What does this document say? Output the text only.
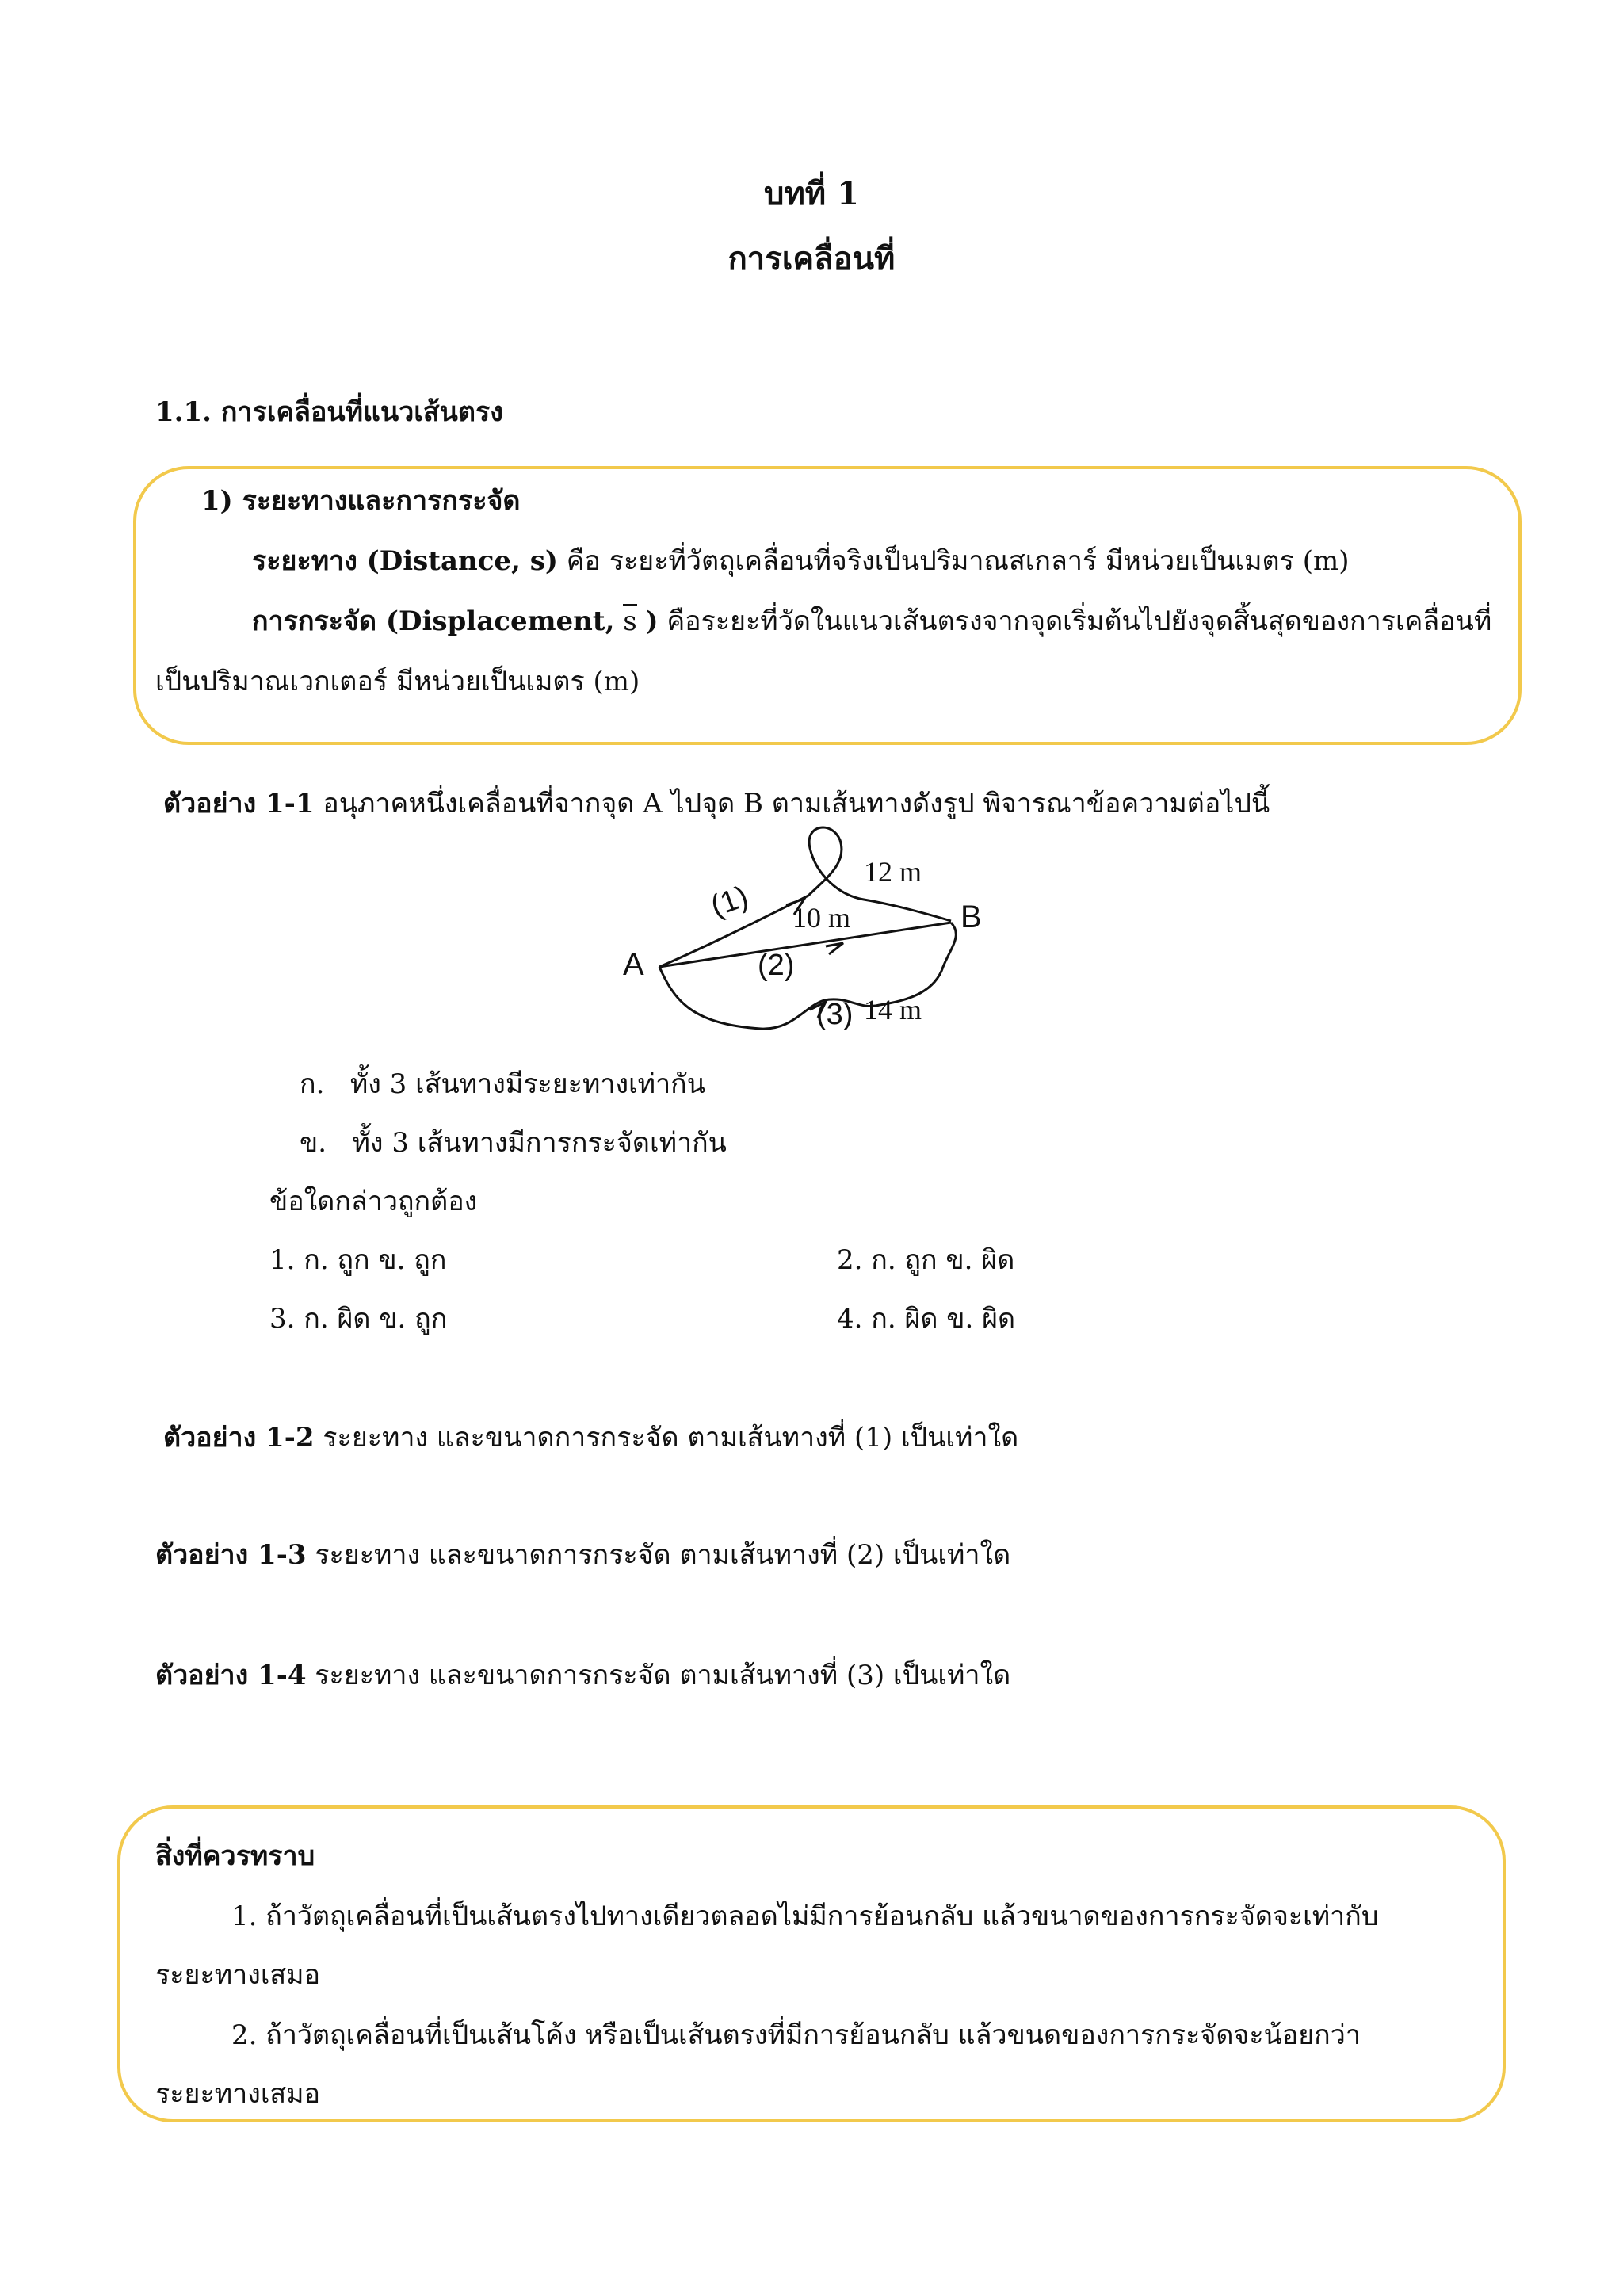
บทที่ 1
การเคลื่อนที่
1.1. การเคลื่อนที่แนวเส้นตรง
1) ระยะทางและการกระจัด
ระยะทาง (Distance, s) คือ ระยะที่วัตถุเคลื่อนที่จริงเป็นปริมาณสเกลาร์ มีหน่วยเป็นเมตร (m)
การกระจัด (Displacement, s ) คือระยะที่วัดในแนวเส้นตรงจากจุดเริ่มต้นไปยังจุดสิ้นสุดของการเคลื่อนที่
เป็นปริมาณเวกเตอร์ มีหน่วยเป็นเมตร (m)
ตัวอย่าง 1-1 อนุภาคหนึ่งเคลื่อนที่จากจุด A ไปจุด B ตามเส้นทางดังรูป พิจารณาข้อความต่อไปนี้
A
B
(1)
(2)
(3)
12 m
10 m
14 m
ก. ทั้ง 3 เส้นทางมีระยะทางเท่ากัน
ข. ทั้ง 3 เส้นทางมีการกระจัดเท่ากัน
ข้อใดกล่าวถูกต้อง
1. ก. ถูก ข. ถูก	2. ก. ถูก ข. ผิด
3. ก. ผิด ข. ถูก	4. ก. ผิด ข. ผิด
ตัวอย่าง 1-2 ระยะทาง และขนาดการกระจัด ตามเส้นทางที่ (1) เป็นเท่าใด
ตัวอย่าง 1-3 ระยะทาง และขนาดการกระจัด ตามเส้นทางที่ (2) เป็นเท่าใด
ตัวอย่าง 1-4 ระยะทาง และขนาดการกระจัด ตามเส้นทางที่ (3) เป็นเท่าใด
สิ่งที่ควรทราบ
1. ถ้าวัตถุเคลื่อนที่เป็นเส้นตรงไปทางเดียวตลอดไม่มีการย้อนกลับ แล้วขนาดของการกระจัดจะเท่ากับ
ระยะทางเสมอ
2. ถ้าวัตถุเคลื่อนที่เป็นเส้นโค้ง หรือเป็นเส้นตรงที่มีการย้อนกลับ แล้วขนดของการกระจัดจะน้อยกว่า
ระยะทางเสมอ
